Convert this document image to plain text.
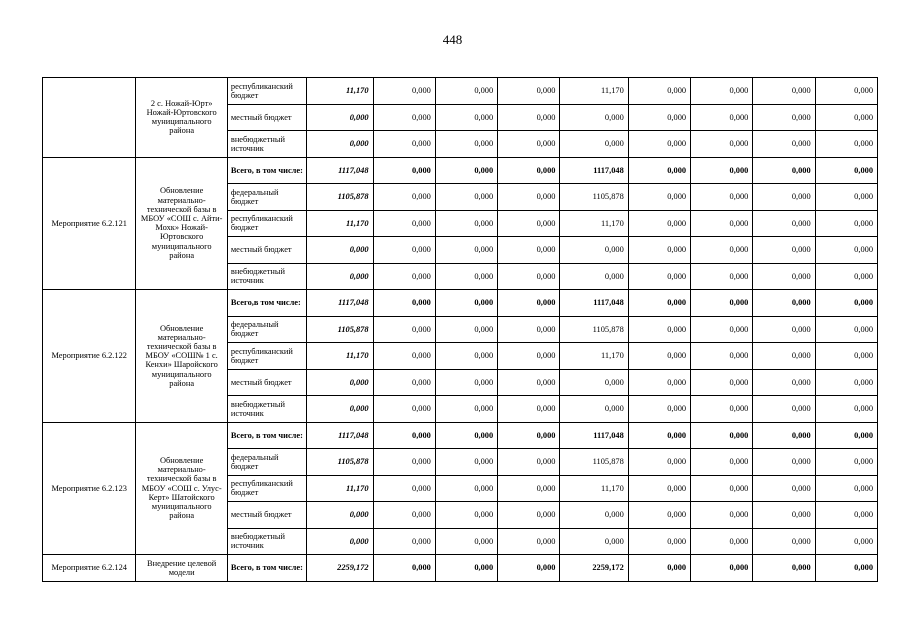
448
	2 с. Ножай-Юрт» Ножай-Юртовского муниципального района	республиканский бюджет	11,170	0,000	0,000	0,000	11,170	0,000	0,000	0,000	0,000
		местный бюджет	0,000	0,000	0,000	0,000	0,000	0,000	0,000	0,000	0,000
		внебюджетный источник	0,000	0,000	0,000	0,000	0,000	0,000	0,000	0,000	0,000
Мероприятие 6.2.121	Обновление материально-технической базы в МБОУ «СОШ с. Айти-Мохк» Ножай-Юртовского муниципального района	Всего, в том числе:	1117,048	0,000	0,000	0,000	1117,048	0,000	0,000	0,000	0,000
		федеральный бюджет	1105,878	0,000	0,000	0,000	1105,878	0,000	0,000	0,000	0,000
		республиканский бюджет	11,170	0,000	0,000	0,000	11,170	0,000	0,000	0,000	0,000
		местный бюджет	0,000	0,000	0,000	0,000	0,000	0,000	0,000	0,000	0,000
		внебюджетный источник	0,000	0,000	0,000	0,000	0,000	0,000	0,000	0,000	0,000
Мероприятие 6.2.122	Обновление материально-технической базы в МБОУ «СОШ№ 1 с. Кенхи» Шаройского муниципального района	Всего,в том числе:	1117,048	0,000	0,000	0,000	1117,048	0,000	0,000	0,000	0,000
		федеральный бюджет	1105,878	0,000	0,000	0,000	1105,878	0,000	0,000	0,000	0,000
		республиканский бюджет	11,170	0,000	0,000	0,000	11,170	0,000	0,000	0,000	0,000
		местный бюджет	0,000	0,000	0,000	0,000	0,000	0,000	0,000	0,000	0,000
		внебюджетный источник	0,000	0,000	0,000	0,000	0,000	0,000	0,000	0,000	0,000
Мероприятие 6.2.123	Обновление материально-технической базы в МБОУ «СОШ с. Улус-Керт» Шатойского муниципального района	Всего, в том числе:	1117,048	0,000	0,000	0,000	1117,048	0,000	0,000	0,000	0,000
		федеральный бюджет	1105,878	0,000	0,000	0,000	1105,878	0,000	0,000	0,000	0,000
		республиканский бюджет	11,170	0,000	0,000	0,000	11,170	0,000	0,000	0,000	0,000
		местный бюджет	0,000	0,000	0,000	0,000	0,000	0,000	0,000	0,000	0,000
		внебюджетный источник	0,000	0,000	0,000	0,000	0,000	0,000	0,000	0,000	0,000
Мероприятие 6.2.124	Внедрение целевой модели	Всего, в том числе:	2259,172	0,000	0,000	0,000	2259,172	0,000	0,000	0,000	0,000
